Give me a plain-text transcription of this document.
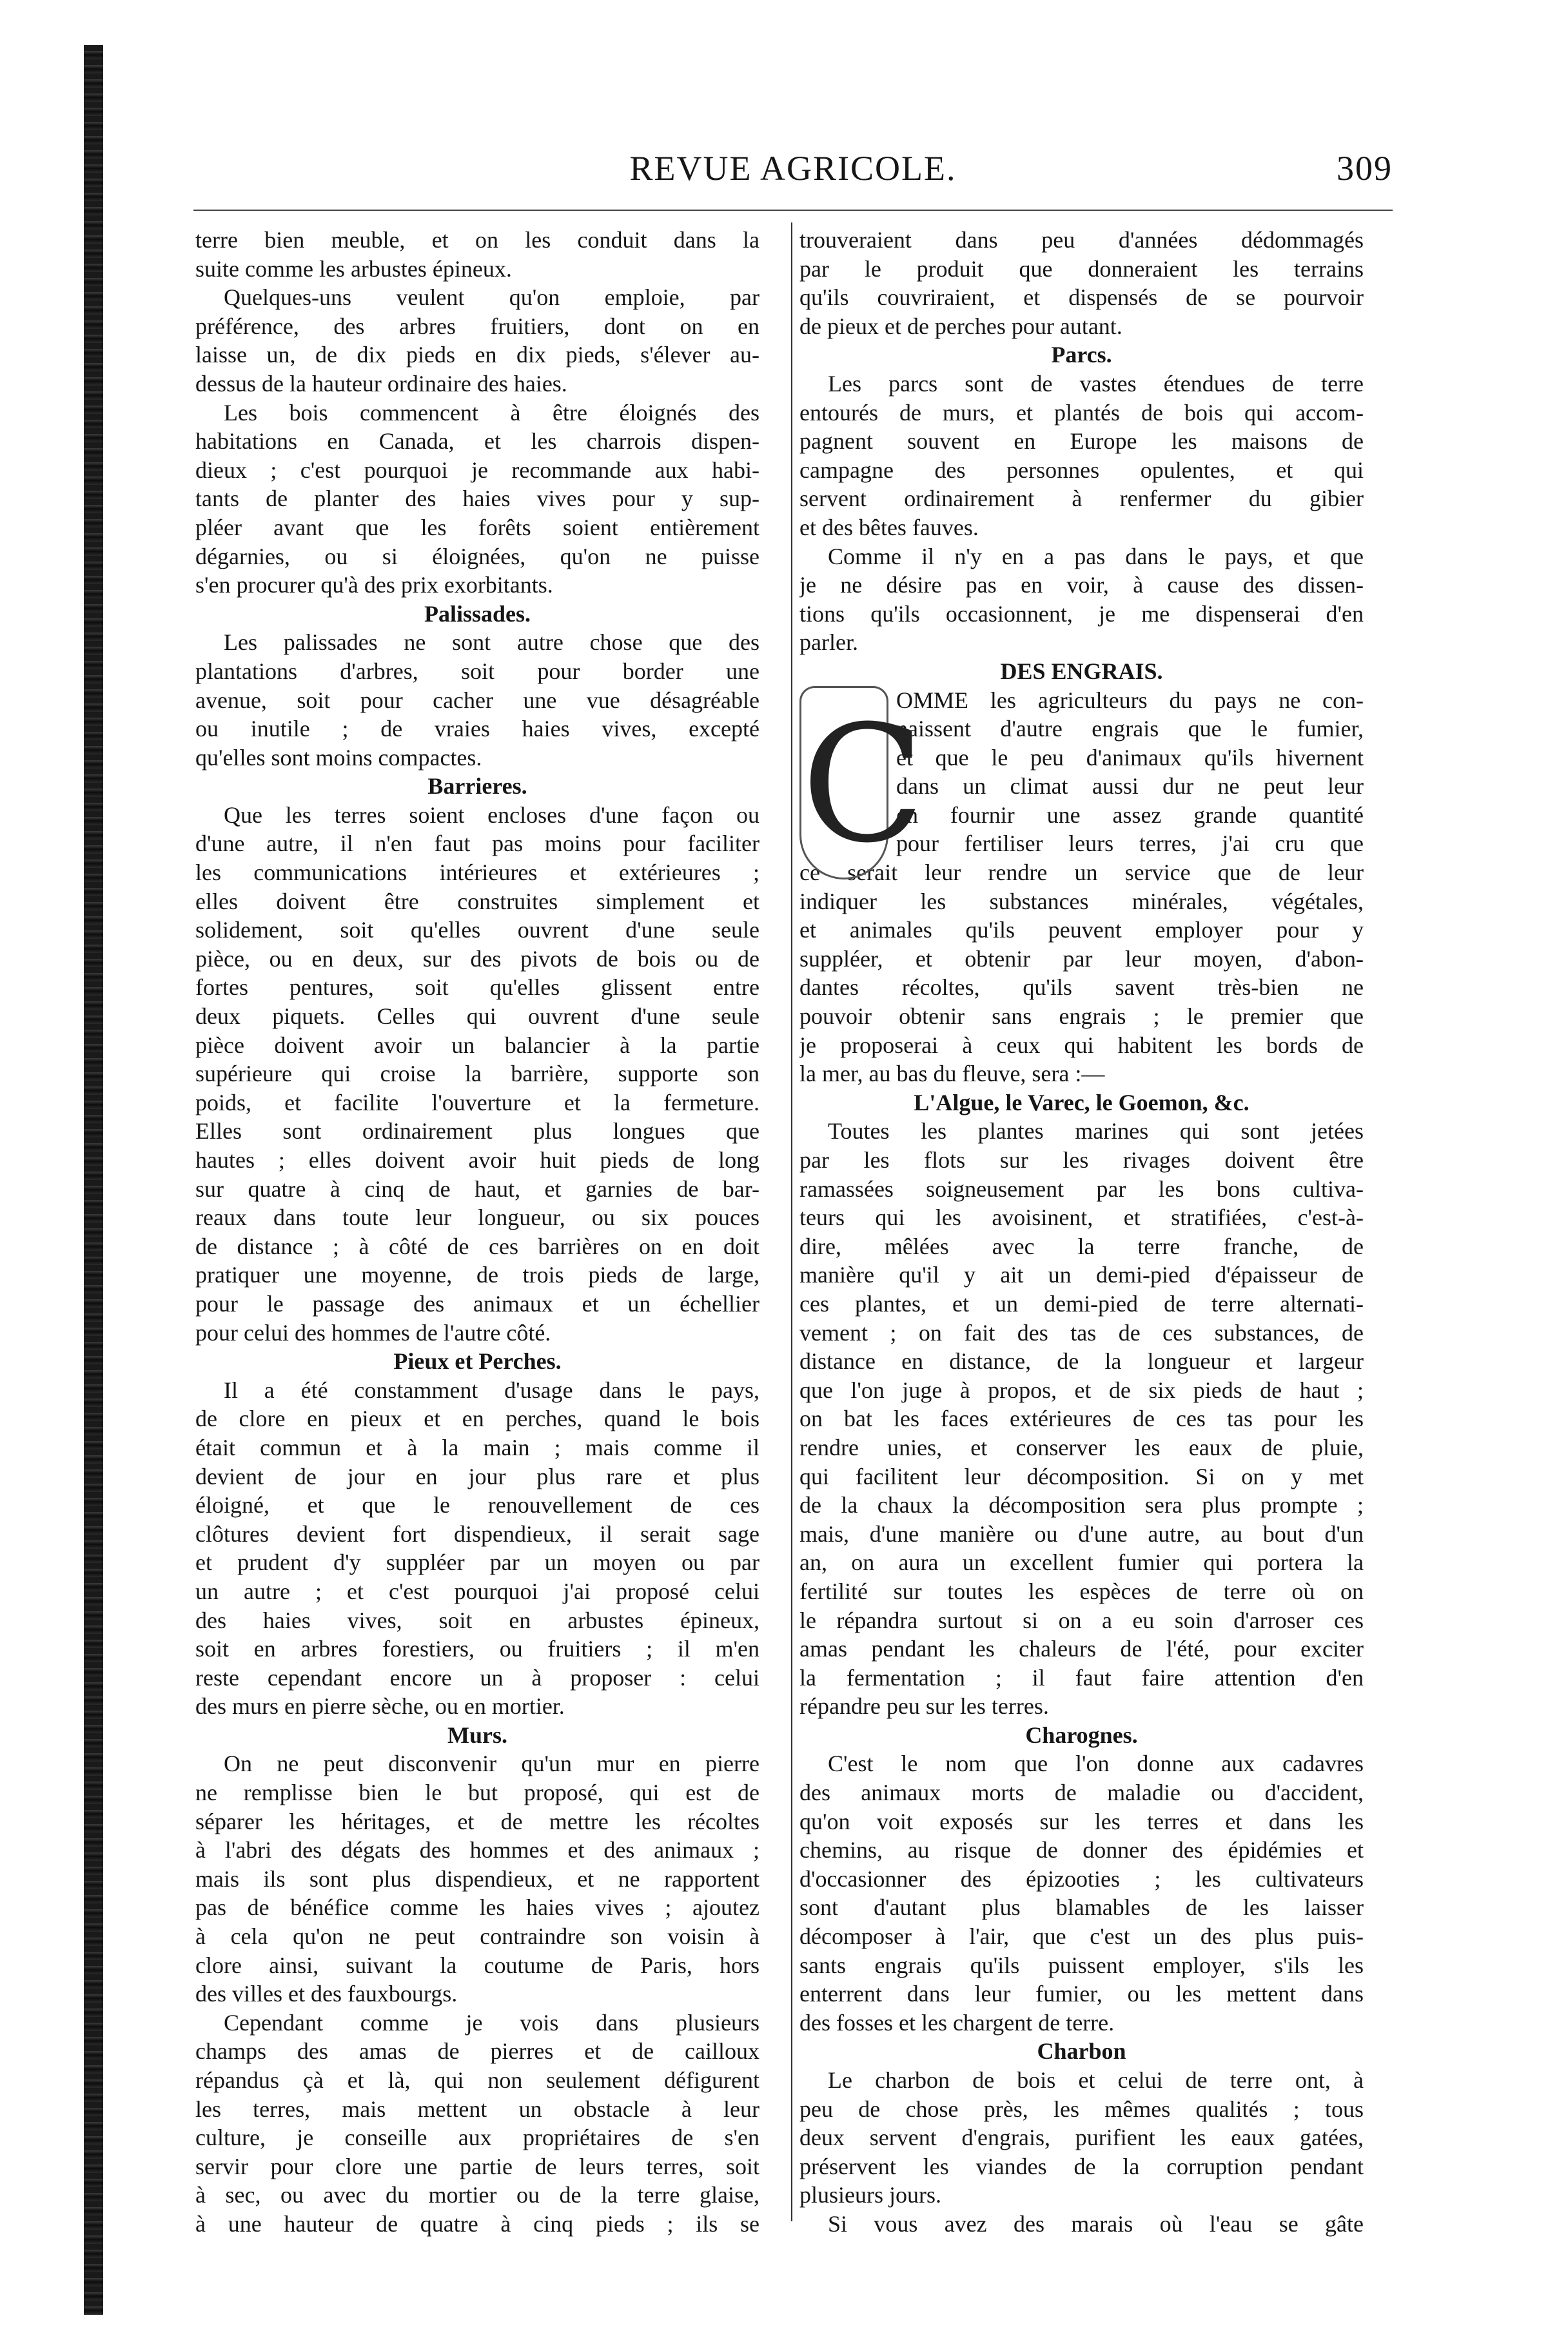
REVUE AGRICOLE.	309
terre bien meuble, et on les conduit dans la
suite comme les arbustes épineux.
Quelques-uns veulent qu'on emploie, par
préférence, des arbres fruitiers, dont on en
laisse un, de dix pieds en dix pieds, s'élever au-
dessus de la hauteur ordinaire des haies.
Les bois commencent à être éloignés des
habitations en Canada, et les charrois dispen-
dieux ; c'est pourquoi je recommande aux habi-
tants de planter des haies vives pour y sup-
pléer avant que les forêts soient entièrement
dégarnies, ou si éloignées, qu'on ne puisse
s'en procurer qu'à des prix exorbitants.
Palissades.
Les palissades ne sont autre chose que des
plantations d'arbres, soit pour border une
avenue, soit pour cacher une vue désagréable
ou inutile ; de vraies haies vives, excepté
qu'elles sont moins compactes.
Barrieres.
Que les terres soient encloses d'une façon ou
d'une autre, il n'en faut pas moins pour faciliter
les communications intérieures et extérieures ;
elles doivent être construites simplement et
solidement, soit qu'elles ouvrent d'une seule
pièce, ou en deux, sur des pivots de bois ou de
fortes pentures, soit qu'elles glissent entre
deux piquets. Celles qui ouvrent d'une seule
pièce doivent avoir un balancier à la partie
supérieure qui croise la barrière, supporte son
poids, et facilite l'ouverture et la fermeture.
Elles sont ordinairement plus longues que
hautes ; elles doivent avoir huit pieds de long
sur quatre à cinq de haut, et garnies de bar-
reaux dans toute leur longueur, ou six pouces
de distance ; à côté de ces barrières on en doit
pratiquer une moyenne, de trois pieds de large,
pour le passage des animaux et un échellier
pour celui des hommes de l'autre côté.
Pieux et Perches.
Il a été constamment d'usage dans le pays,
de clore en pieux et en perches, quand le bois
était commun et à la main ; mais comme il
devient de jour en jour plus rare et plus
éloigné, et que le renouvellement de ces
clôtures devient fort dispendieux, il serait sage
et prudent d'y suppléer par un moyen ou par
un autre ; et c'est pourquoi j'ai proposé celui
des haies vives, soit en arbustes épineux,
soit en arbres forestiers, ou fruitiers ; il m'en
reste cependant encore un à proposer : celui
des murs en pierre sèche, ou en mortier.
Murs.
On ne peut disconvenir qu'un mur en pierre
ne remplisse bien le but proposé, qui est de
séparer les héritages, et de mettre les récoltes
à l'abri des dégats des hommes et des animaux ;
mais ils sont plus dispendieux, et ne rapportent
pas de bénéfice comme les haies vives ; ajoutez
à cela qu'on ne peut contraindre son voisin à
clore ainsi, suivant la coutume de Paris, hors
des villes et des fauxbourgs.
Cependant comme je vois dans plusieurs
champs des amas de pierres et de cailloux
répandus çà et là, qui non seulement défigurent
les terres, mais mettent un obstacle à leur
culture, je conseille aux propriétaires de s'en
servir pour clore une partie de leurs terres, soit
à sec, ou avec du mortier ou de la terre glaise,
à une hauteur de quatre à cinq pieds ; ils se
trouveraient dans peu d'années dédommagés
par le produit que donneraient les terrains
qu'ils couvriraient, et dispensés de se pourvoir
de pieux et de perches pour autant.
Parcs.
Les parcs sont de vastes étendues de terre
entourés de murs, et plantés de bois qui accom-
pagnent souvent en Europe les maisons de
campagne des personnes opulentes, et qui
servent ordinairement à renfermer du gibier
et des bêtes fauves.
Comme il n'y en a pas dans le pays, et que
je ne désire pas en voir, à cause des dissen-
tions qu'ils occasionnent, je me dispenserai d'en
parler.
DES ENGRAIS.
C
OMME les agriculteurs du pays ne con-
naissent d'autre engrais que le fumier,
et que le peu d'animaux qu'ils hivernent
dans un climat aussi dur ne peut leur
en fournir une assez grande quantité
pour fertiliser leurs terres, j'ai cru que
ce serait leur rendre un service que de leur
indiquer les substances minérales, végétales,
et animales qu'ils peuvent employer pour y
suppléer, et obtenir par leur moyen, d'abon-
dantes récoltes, qu'ils savent très-bien ne
pouvoir obtenir sans engrais ; le premier que
je proposerai à ceux qui habitent les bords de
la mer, au bas du fleuve, sera :—
L'Algue, le Varec, le Goemon, &c.
Toutes les plantes marines qui sont jetées
par les flots sur les rivages doivent être
ramassées soigneusement par les bons cultiva-
teurs qui les avoisinent, et stratifiées, c'est-à-
dire, mêlées avec la terre franche, de
manière qu'il y ait un demi-pied d'épaisseur de
ces plantes, et un demi-pied de terre alternati-
vement ; on fait des tas de ces substances, de
distance en distance, de la longueur et largeur
que l'on juge à propos, et de six pieds de haut ;
on bat les faces extérieures de ces tas pour les
rendre unies, et conserver les eaux de pluie,
qui facilitent leur décomposition. Si on y met
de la chaux la décomposition sera plus prompte ;
mais, d'une manière ou d'une autre, au bout d'un
an, on aura un excellent fumier qui portera la
fertilité sur toutes les espèces de terre où on
le répandra surtout si on a eu soin d'arroser ces
amas pendant les chaleurs de l'été, pour exciter
la fermentation ; il faut faire attention d'en
répandre peu sur les terres.
Charognes.
C'est le nom que l'on donne aux cadavres
des animaux morts de maladie ou d'accident,
qu'on voit exposés sur les terres et dans les
chemins, au risque de donner des épidémies et
d'occasionner des épizooties ; les cultivateurs
sont d'autant plus blamables de les laisser
décomposer à l'air, que c'est un des plus puis-
sants engrais qu'ils puissent employer, s'ils les
enterrent dans leur fumier, ou les mettent dans
des fosses et les chargent de terre.
Charbon
Le charbon de bois et celui de terre ont, à
peu de chose près, les mêmes qualités ; tous
deux servent d'engrais, purifient les eaux gatées,
préservent les viandes de la corruption pendant
plusieurs jours.
Si vous avez des marais où l'eau se gâte
